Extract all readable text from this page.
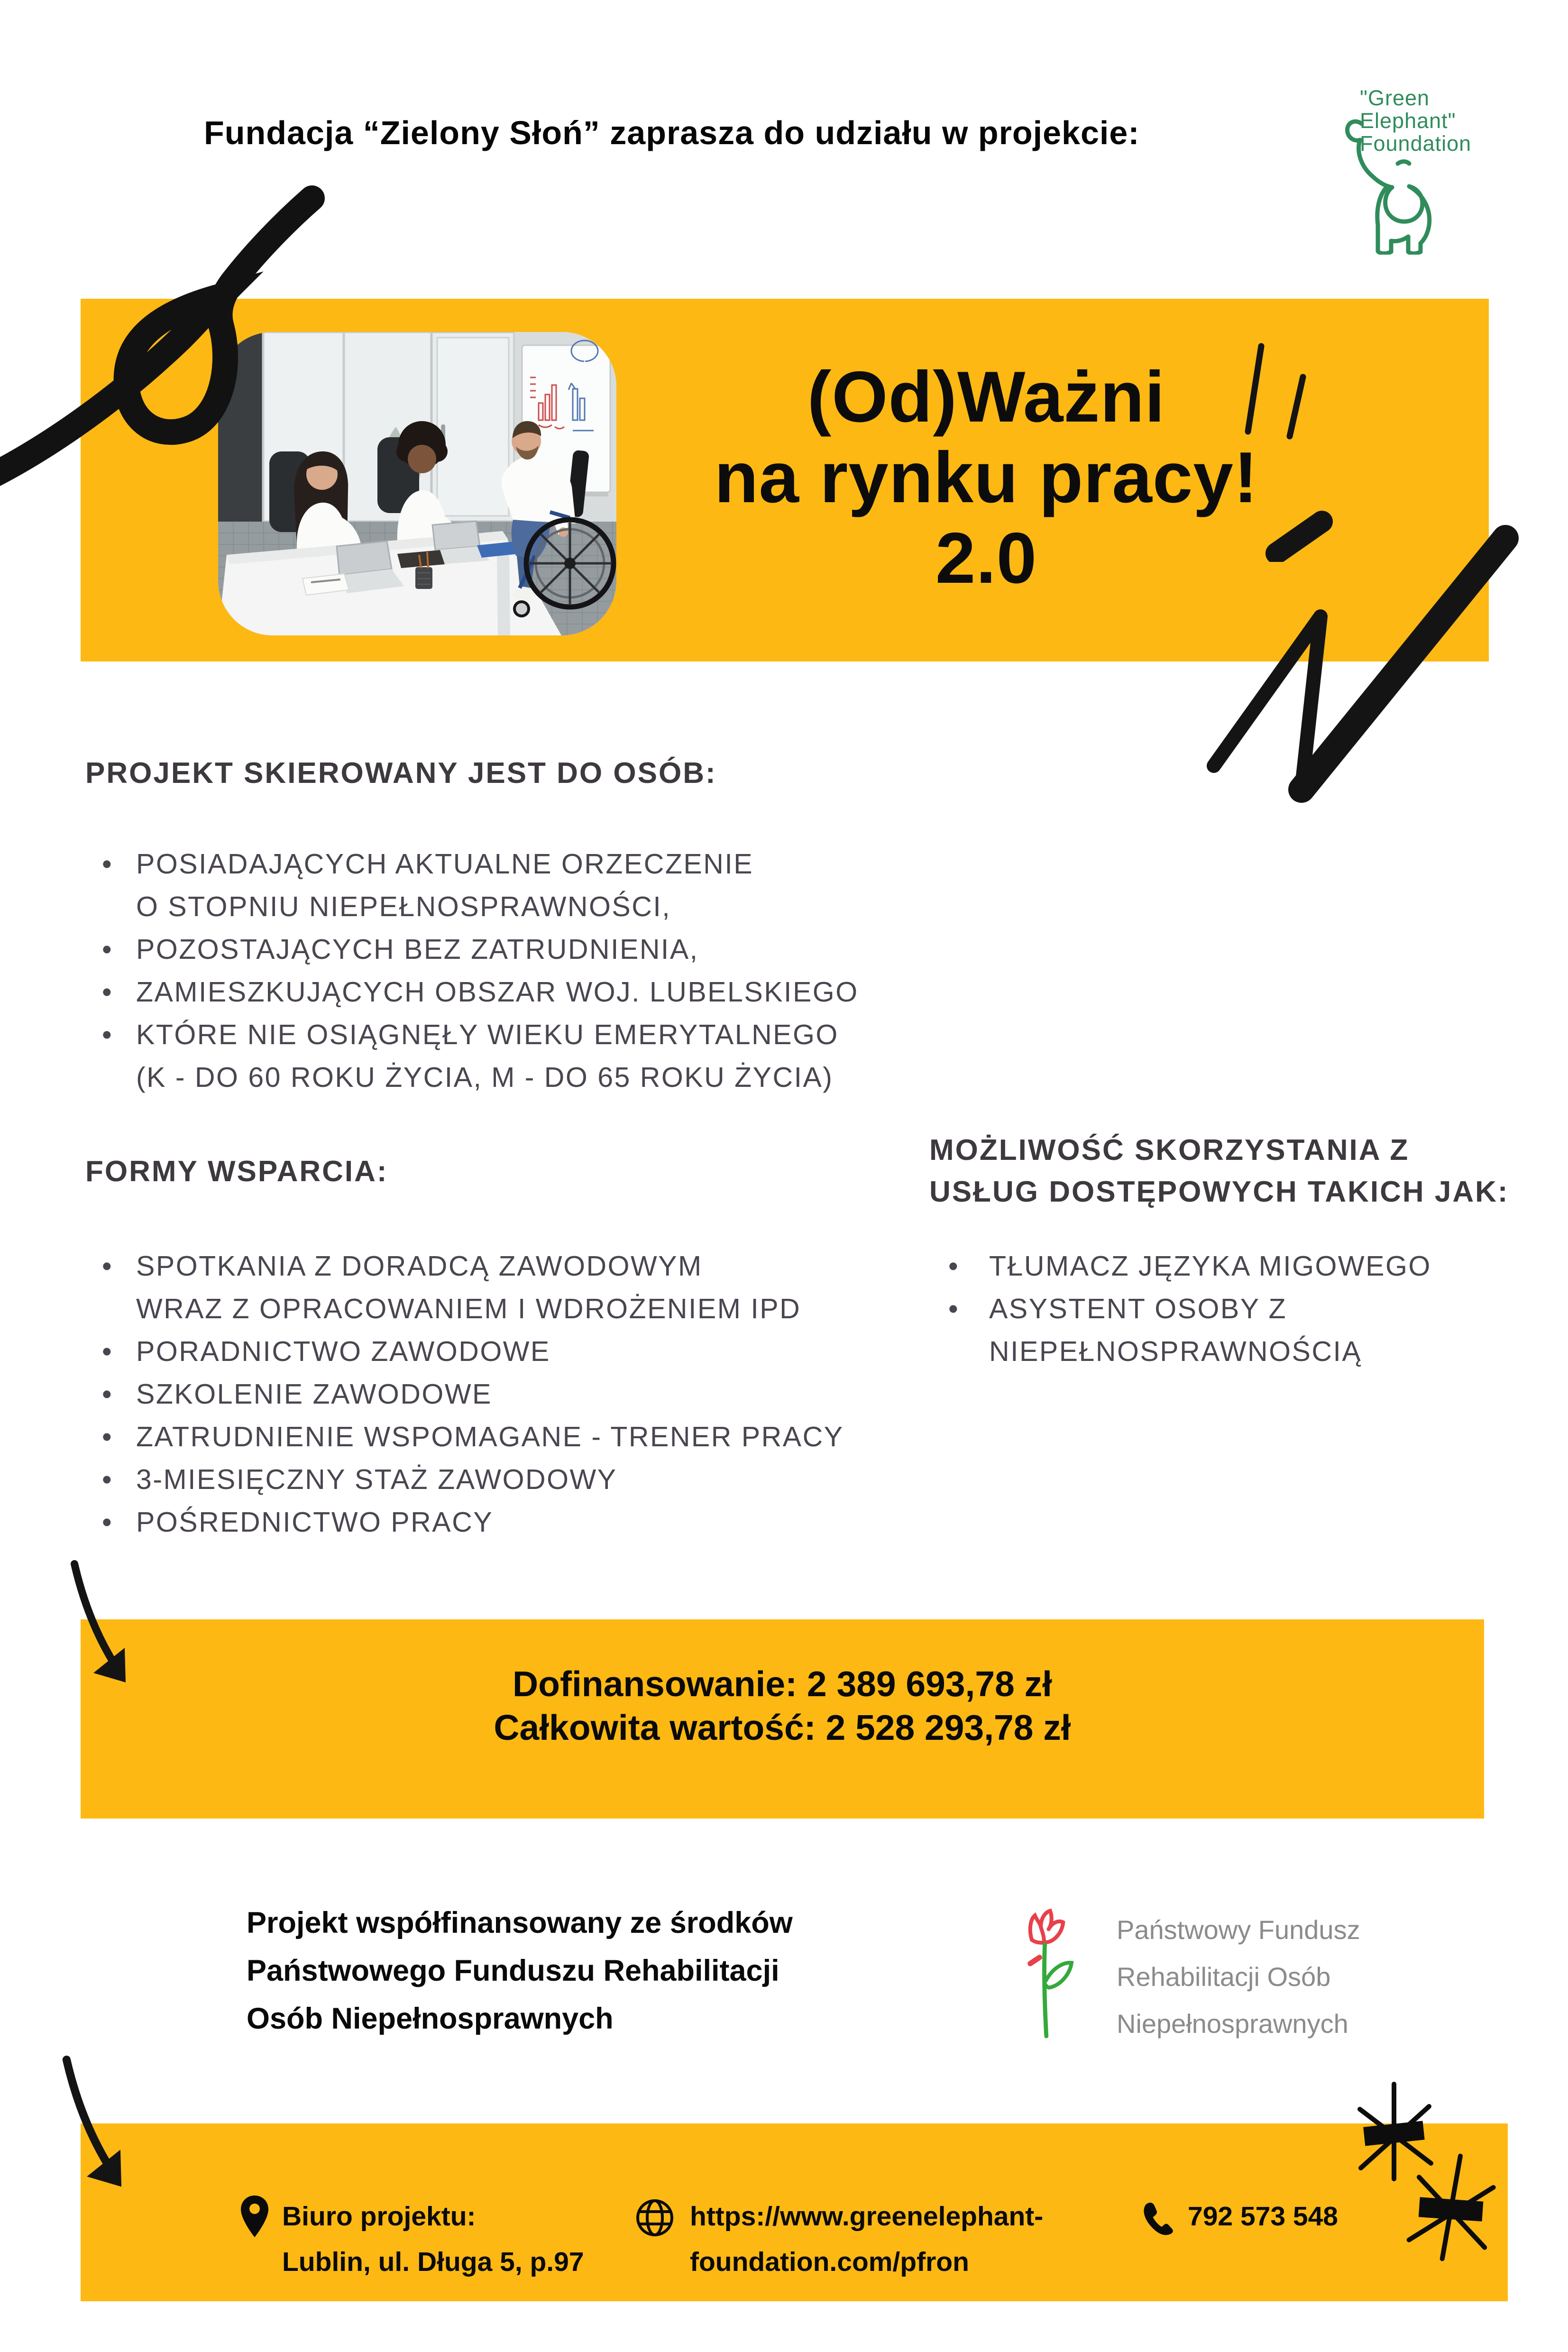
Fundacja “Zielony Słoń” zaprasza do udziału w projekcie:
"Green
Elephant"
Foundation
(Od)Ważni
na rynku pracy!
2.0
PROJEKT SKIEROWANY JEST DO OSÓB:
• POSIADAJĄCYCH AKTUALNE ORZECZENIE
O STOPNIU NIEPEŁNOSPRAWNOŚCI,
• POZOSTAJĄCYCH BEZ ZATRUDNIENIA,
• ZAMIESZKUJĄCYCH OBSZAR WOJ. LUBELSKIEGO
• KTÓRE NIE OSIĄGNĘŁY WIEKU EMERYTALNEGO
(K - DO 60 ROKU ŻYCIA, M - DO 65 ROKU ŻYCIA)
FORMY WSPARCIA:
• SPOTKANIA Z DORADCĄ ZAWODOWYM
WRAZ Z OPRACOWANIEM I WDROŻENIEM IPD
• PORADNICTWO ZAWODOWE
• SZKOLENIE ZAWODOWE
• ZATRUDNIENIE WSPOMAGANE - TRENER PRACY
• 3-MIESIĘCZNY STAŻ ZAWODOWY
• POŚREDNICTWO PRACY
MOŻLIWOŚĆ SKORZYSTANIA Z
USŁUG DOSTĘPOWYCH TAKICH JAK:
• TŁUMACZ JĘZYKA MIGOWEGO
• ASYSTENT OSOBY Z
NIEPEŁNOSPRAWNOŚCIĄ
Dofinansowanie: 2 389 693,78 zł
Całkowita wartość: 2 528 293,78 zł
Projekt współfinansowany ze środków
Państwowego Funduszu Rehabilitacji
Osób Niepełnosprawnych
Państwowy Fundusz
Rehabilitacji Osób
Niepełnosprawnych
Biuro projektu:
Lublin, ul. Długa 5, p.97
https://www.greenelephant-
foundation.com/pfron
792 573 548
